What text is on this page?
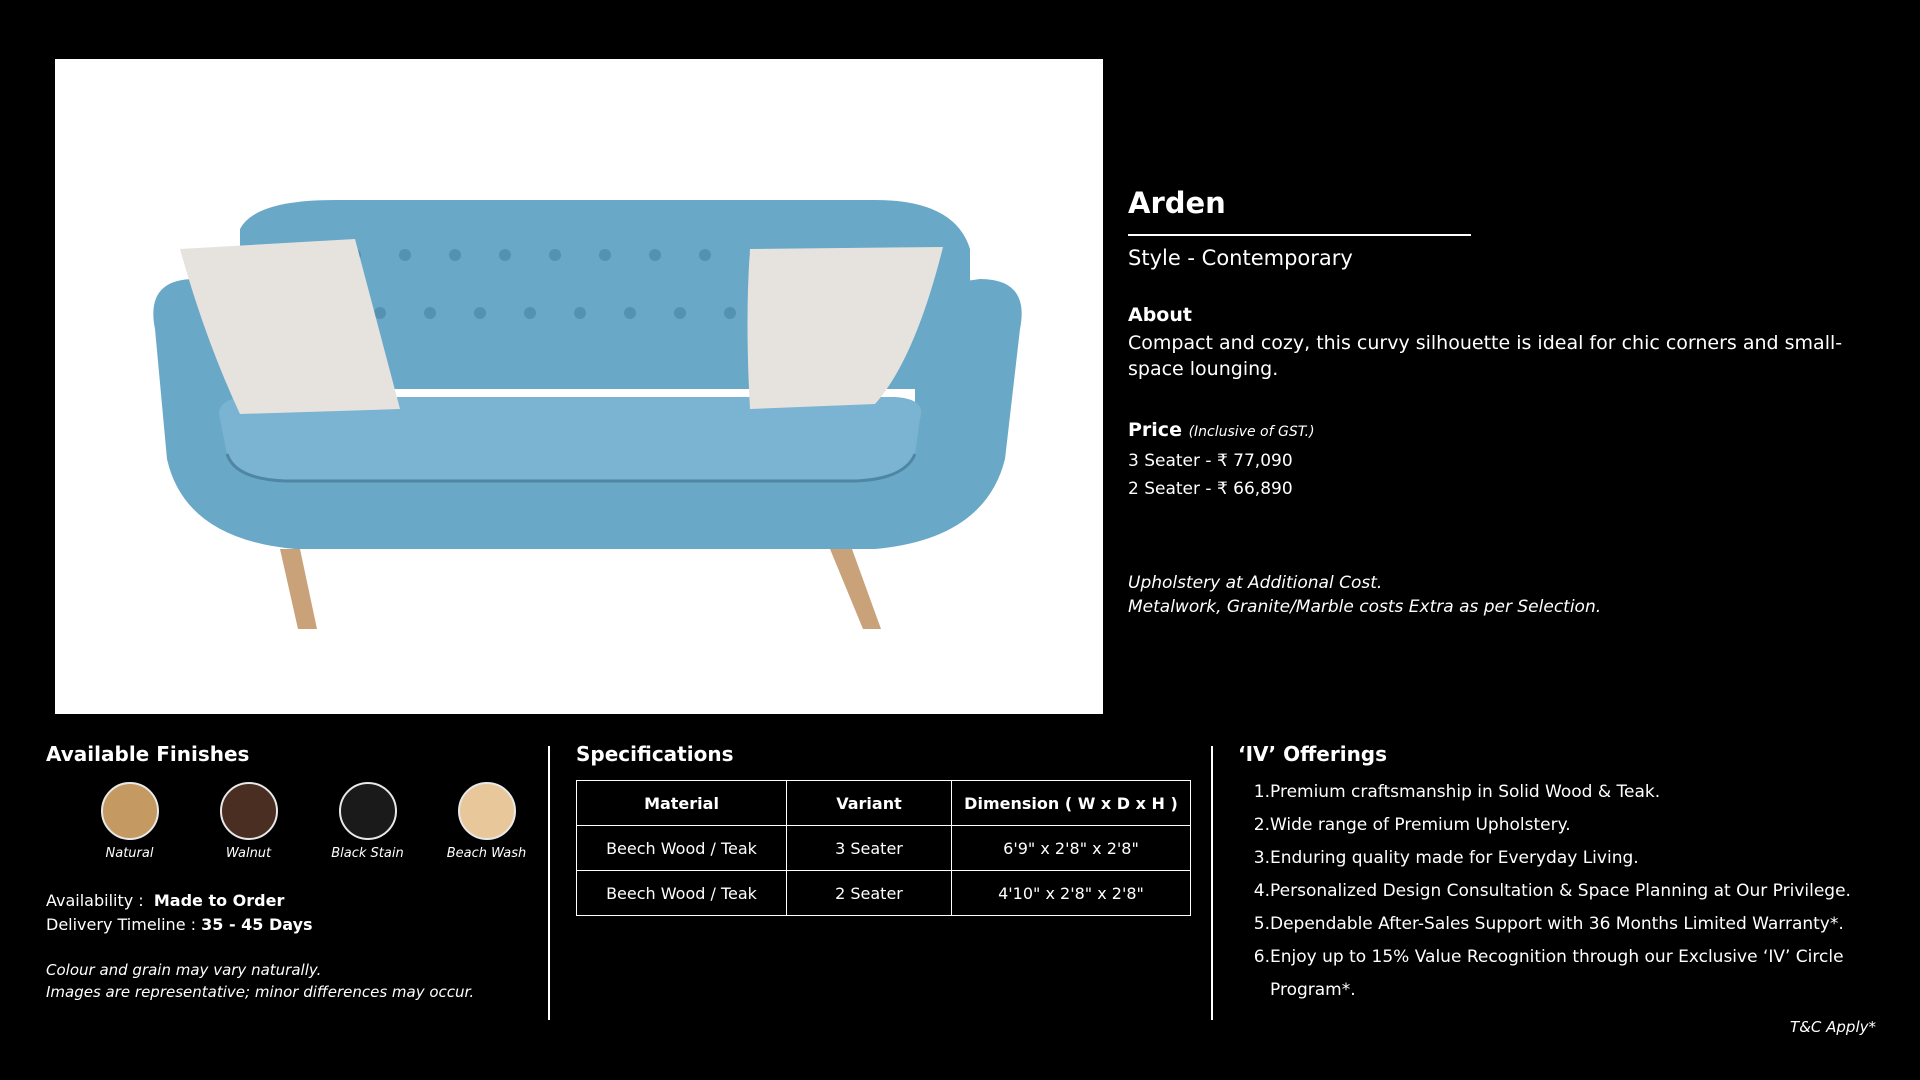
Arden
Style - Contemporary
About
Compact and cozy, this curvy silhouette is ideal for chic corners and small-space lounging.
Price (Inclusive of GST.)
3 Seater - ₹ 77,090
2 Seater - ₹ 66,890
Upholstery at Additional Cost.
Metalwork, Granite/Marble costs Extra as per Selection.
Available Finishes
Natural	Walnut	Black Stain	Beach Wash
Availability : Made to Order
Delivery Timeline : 35 - 45 Days
Colour and grain may vary naturally.
Images are representative; minor differences may occur.
Specifications
Material	Variant	Dimension ( W x D x H )
Beech Wood / Teak	3 Seater	6'9" x 2'8" x 2'8"
Beech Wood / Teak	2 Seater	4'10" x 2'8" x 2'8"
‘IV’ Offerings
1. Premium craftsmanship in Solid Wood & Teak.
2. Wide range of Premium Upholstery.
3. Enduring quality made for Everyday Living.
4. Personalized Design Consultation & Space Planning at Our Privilege.
5. Dependable After-Sales Support with 36 Months Limited Warranty*.
6. Enjoy up to 15% Value Recognition through our Exclusive ‘IV’ Circle Program*.
T&C Apply*
